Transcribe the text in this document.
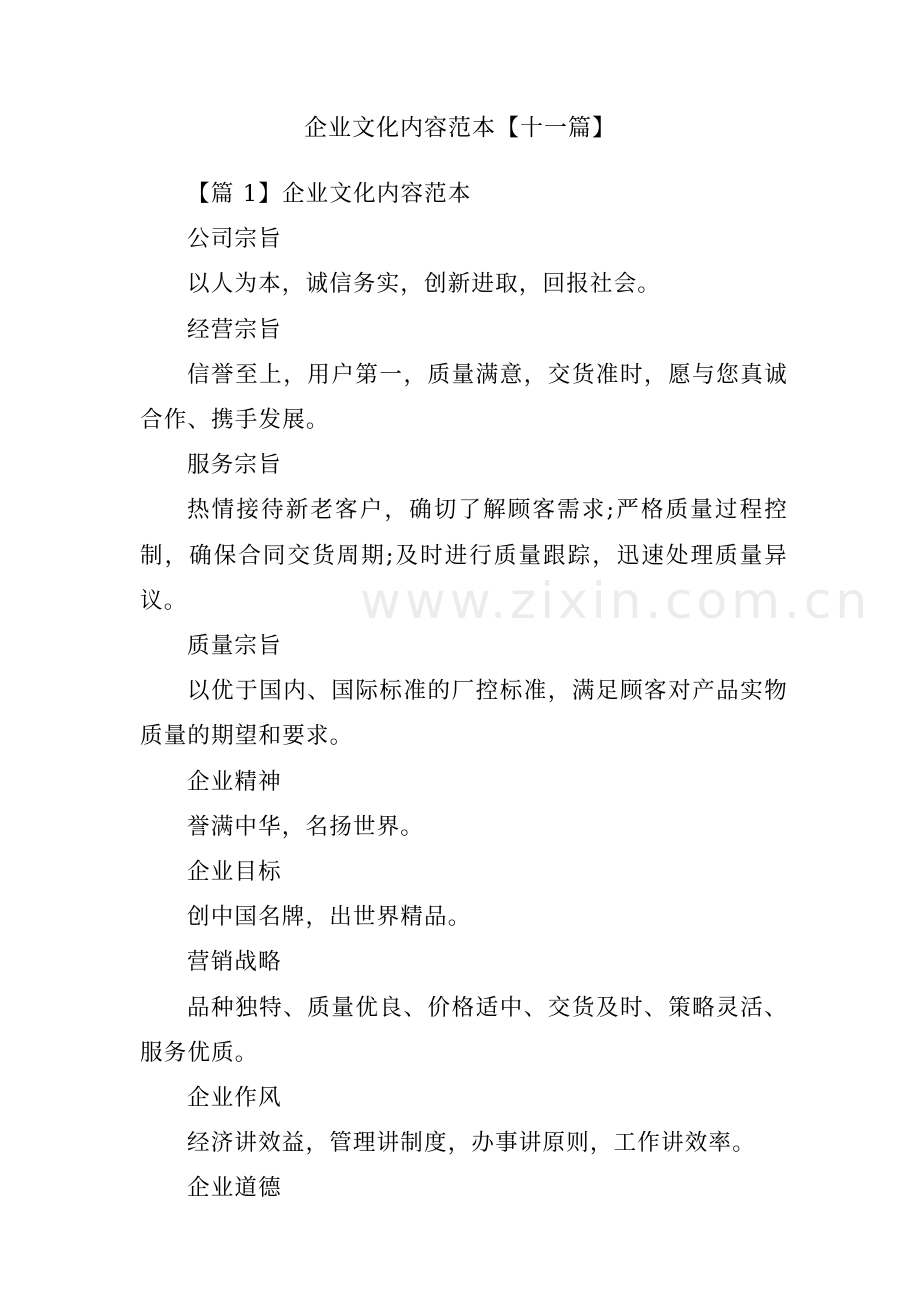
www.zixin.com.cn
企业文化内容范本【十一篇】

【篇 1】企业文化内容范本

公司宗旨

以人为本，诚信务实，创新进取，回报社会。

经营宗旨

信誉至上，用户第一，质量满意，交货准时，愿与您真诚合作、携手发展。

服务宗旨

热情接待新老客户，确切了解顾客需求;严格质量过程控制，确保合同交货周期;及时进行质量跟踪，迅速处理质量异议。

质量宗旨

以优于国内、国际标准的厂控标准，满足顾客对产品实物质量的期望和要求。

企业精神

誉满中华，名扬世界。

企业目标

创中国名牌，出世界精品。

营销战略

品种独特、质量优良、价格适中、交货及时、策略灵活、服务优质。

企业作风

经济讲效益，管理讲制度，办事讲原则，工作讲效率。

企业道德
